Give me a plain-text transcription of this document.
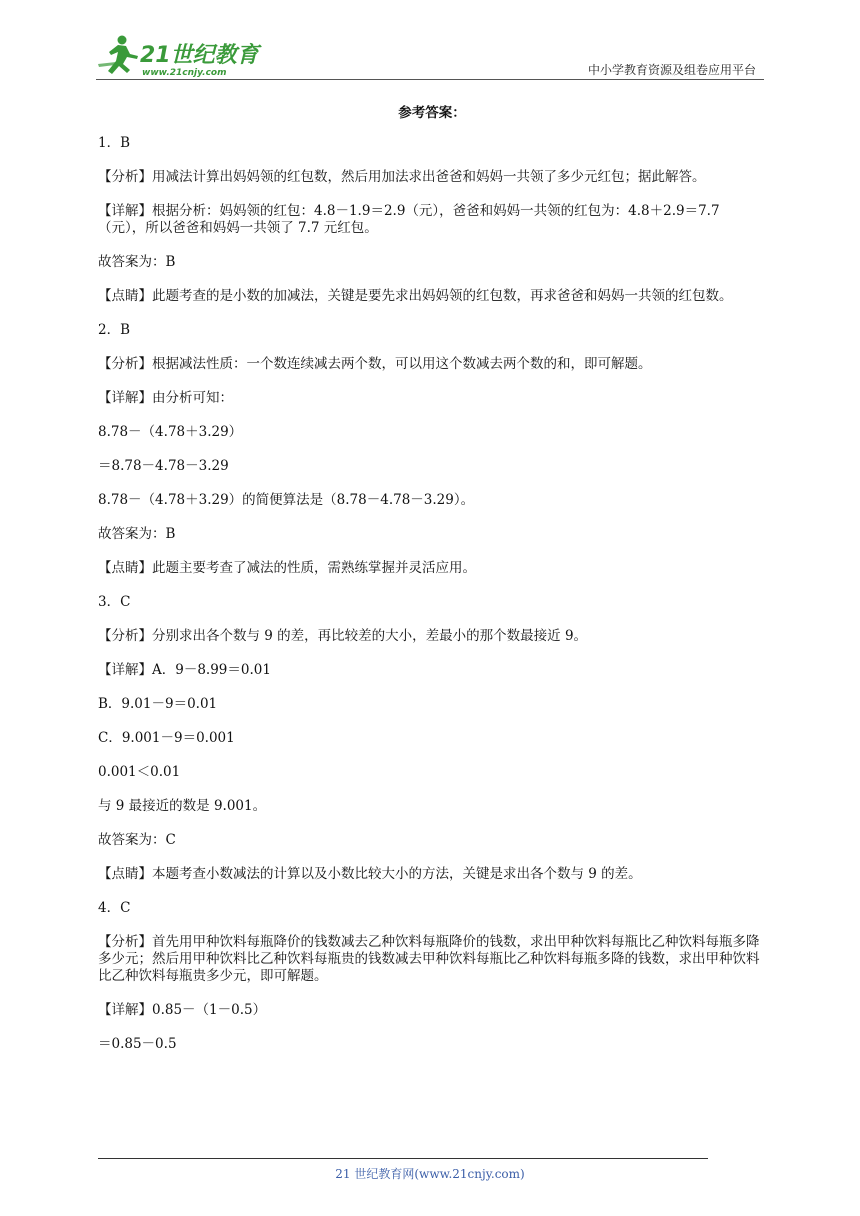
21世纪教育
www.21cnjy.com	中小学教育资源及组卷应用平台
参考答案：

1．B

【分析】用减法计算出妈妈领的红包数，然后用加法求出爸爸和妈妈一共领了多少元红包；据此解答。

【详解】根据分析：妈妈领的红包：4.8－1.9＝2.9（元），爸爸和妈妈一共领的红包为：4.8＋2.9＝7.7（元），所以爸爸和妈妈一共领了 7.7 元红包。

故答案为：B

【点睛】此题考查的是小数的加减法，关键是要先求出妈妈领的红包数，再求爸爸和妈妈一共领的红包数。

2．B

【分析】根据减法性质：一个数连续减去两个数，可以用这个数减去两个数的和，即可解题。

【详解】由分析可知：

8.78－（4.78＋3.29）

＝8.78－4.78－3.29

8.78－（4.78＋3.29）的简便算法是（8.78－4.78－3.29）。

故答案为：B

【点睛】此题主要考查了减法的性质，需熟练掌握并灵活应用。

3．C

【分析】分别求出各个数与 9 的差，再比较差的大小，差最小的那个数最接近 9。

【详解】A．9－8.99＝0.01

B．9.01－9＝0.01

C．9.001－9＝0.001

0.001＜0.01

与 9 最接近的数是 9.001。

故答案为：C

【点睛】本题考查小数减法的计算以及小数比较大小的方法，关键是求出各个数与 9 的差。

4．C

【分析】首先用甲种饮料每瓶降价的钱数减去乙种饮料每瓶降价的钱数，求出甲种饮料每瓶比乙种饮料每瓶多降多少元；然后用甲种饮料比乙种饮料每瓶贵的钱数减去甲种饮料每瓶比乙种饮料每瓶多降的钱数，求出甲种饮料比乙种饮料每瓶贵多少元，即可解题。

【详解】0.85－（1－0.5）

＝0.85－0.5

21 世纪教育网(www.21cnjy.com)
